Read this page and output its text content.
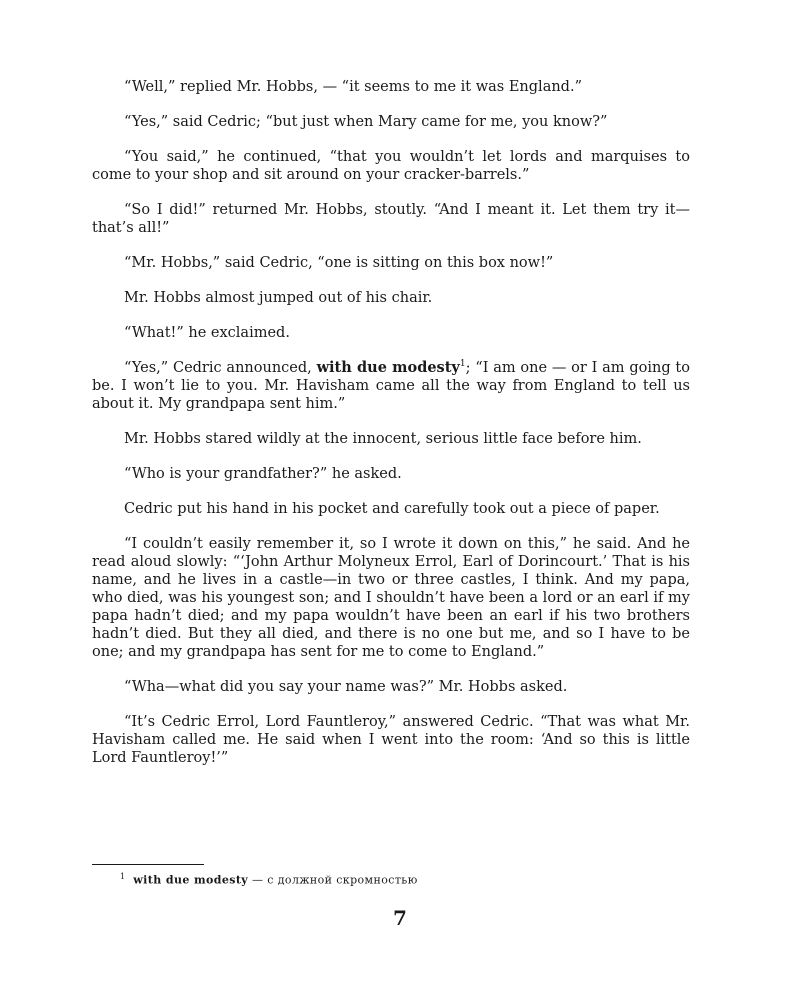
“Well,” replied Mr. Hobbs, — “it seems to me it was England.”

“Yes,” said Cedric; “but just when Mary came for me, you know?”

“You said,” he continued, “that you wouldn’t let lords and marquises to come to your shop and sit around on your cracker-barrels.”

“So I did!” returned Mr. Hobbs, stoutly. “And I meant it. Let them try it—that’s all!”

“Mr. Hobbs,” said Cedric, “one is sitting on this box now!”

Mr. Hobbs almost jumped out of his chair.

“What!” he exclaimed.

“Yes,” Cedric announced, with due modesty$^1$; “I am one — or I am going to be. I won’t lie to you. Mr. Havisham came all the way from England to tell us about it. My grandpapa sent him.”

Mr. Hobbs stared wildly at the innocent, serious little face before him.

“Who is your grandfather?” he asked.

Cedric put his hand in his pocket and carefully took out a piece of paper.

“I couldn’t easily remember it, so I wrote it down on this,” he said. And he read aloud slowly: “‘John Arthur Molyneux Errol, Earl of Dorincourt.’ That is his name, and he lives in a castle—in two or three castles, I think. And my papa, who died, was his youngest son; and I shouldn’t have been a lord or an earl if my papa hadn’t died; and my papa wouldn’t have been an earl if his two brothers hadn’t died. But they all died, and there is no one but me, and so I have to be one; and my grandpapa has sent for me to come to England.”

“Wha—what did you say your name was?” Mr. Hobbs asked.

“It’s Cedric Errol, Lord Fauntleroy,” answered Cedric. “That was what Mr. Havisham called me. He said when I went into the room: ‘And so this is little Lord Fauntleroy!’”

$^1$ with due modesty — с должной скромностью
7
